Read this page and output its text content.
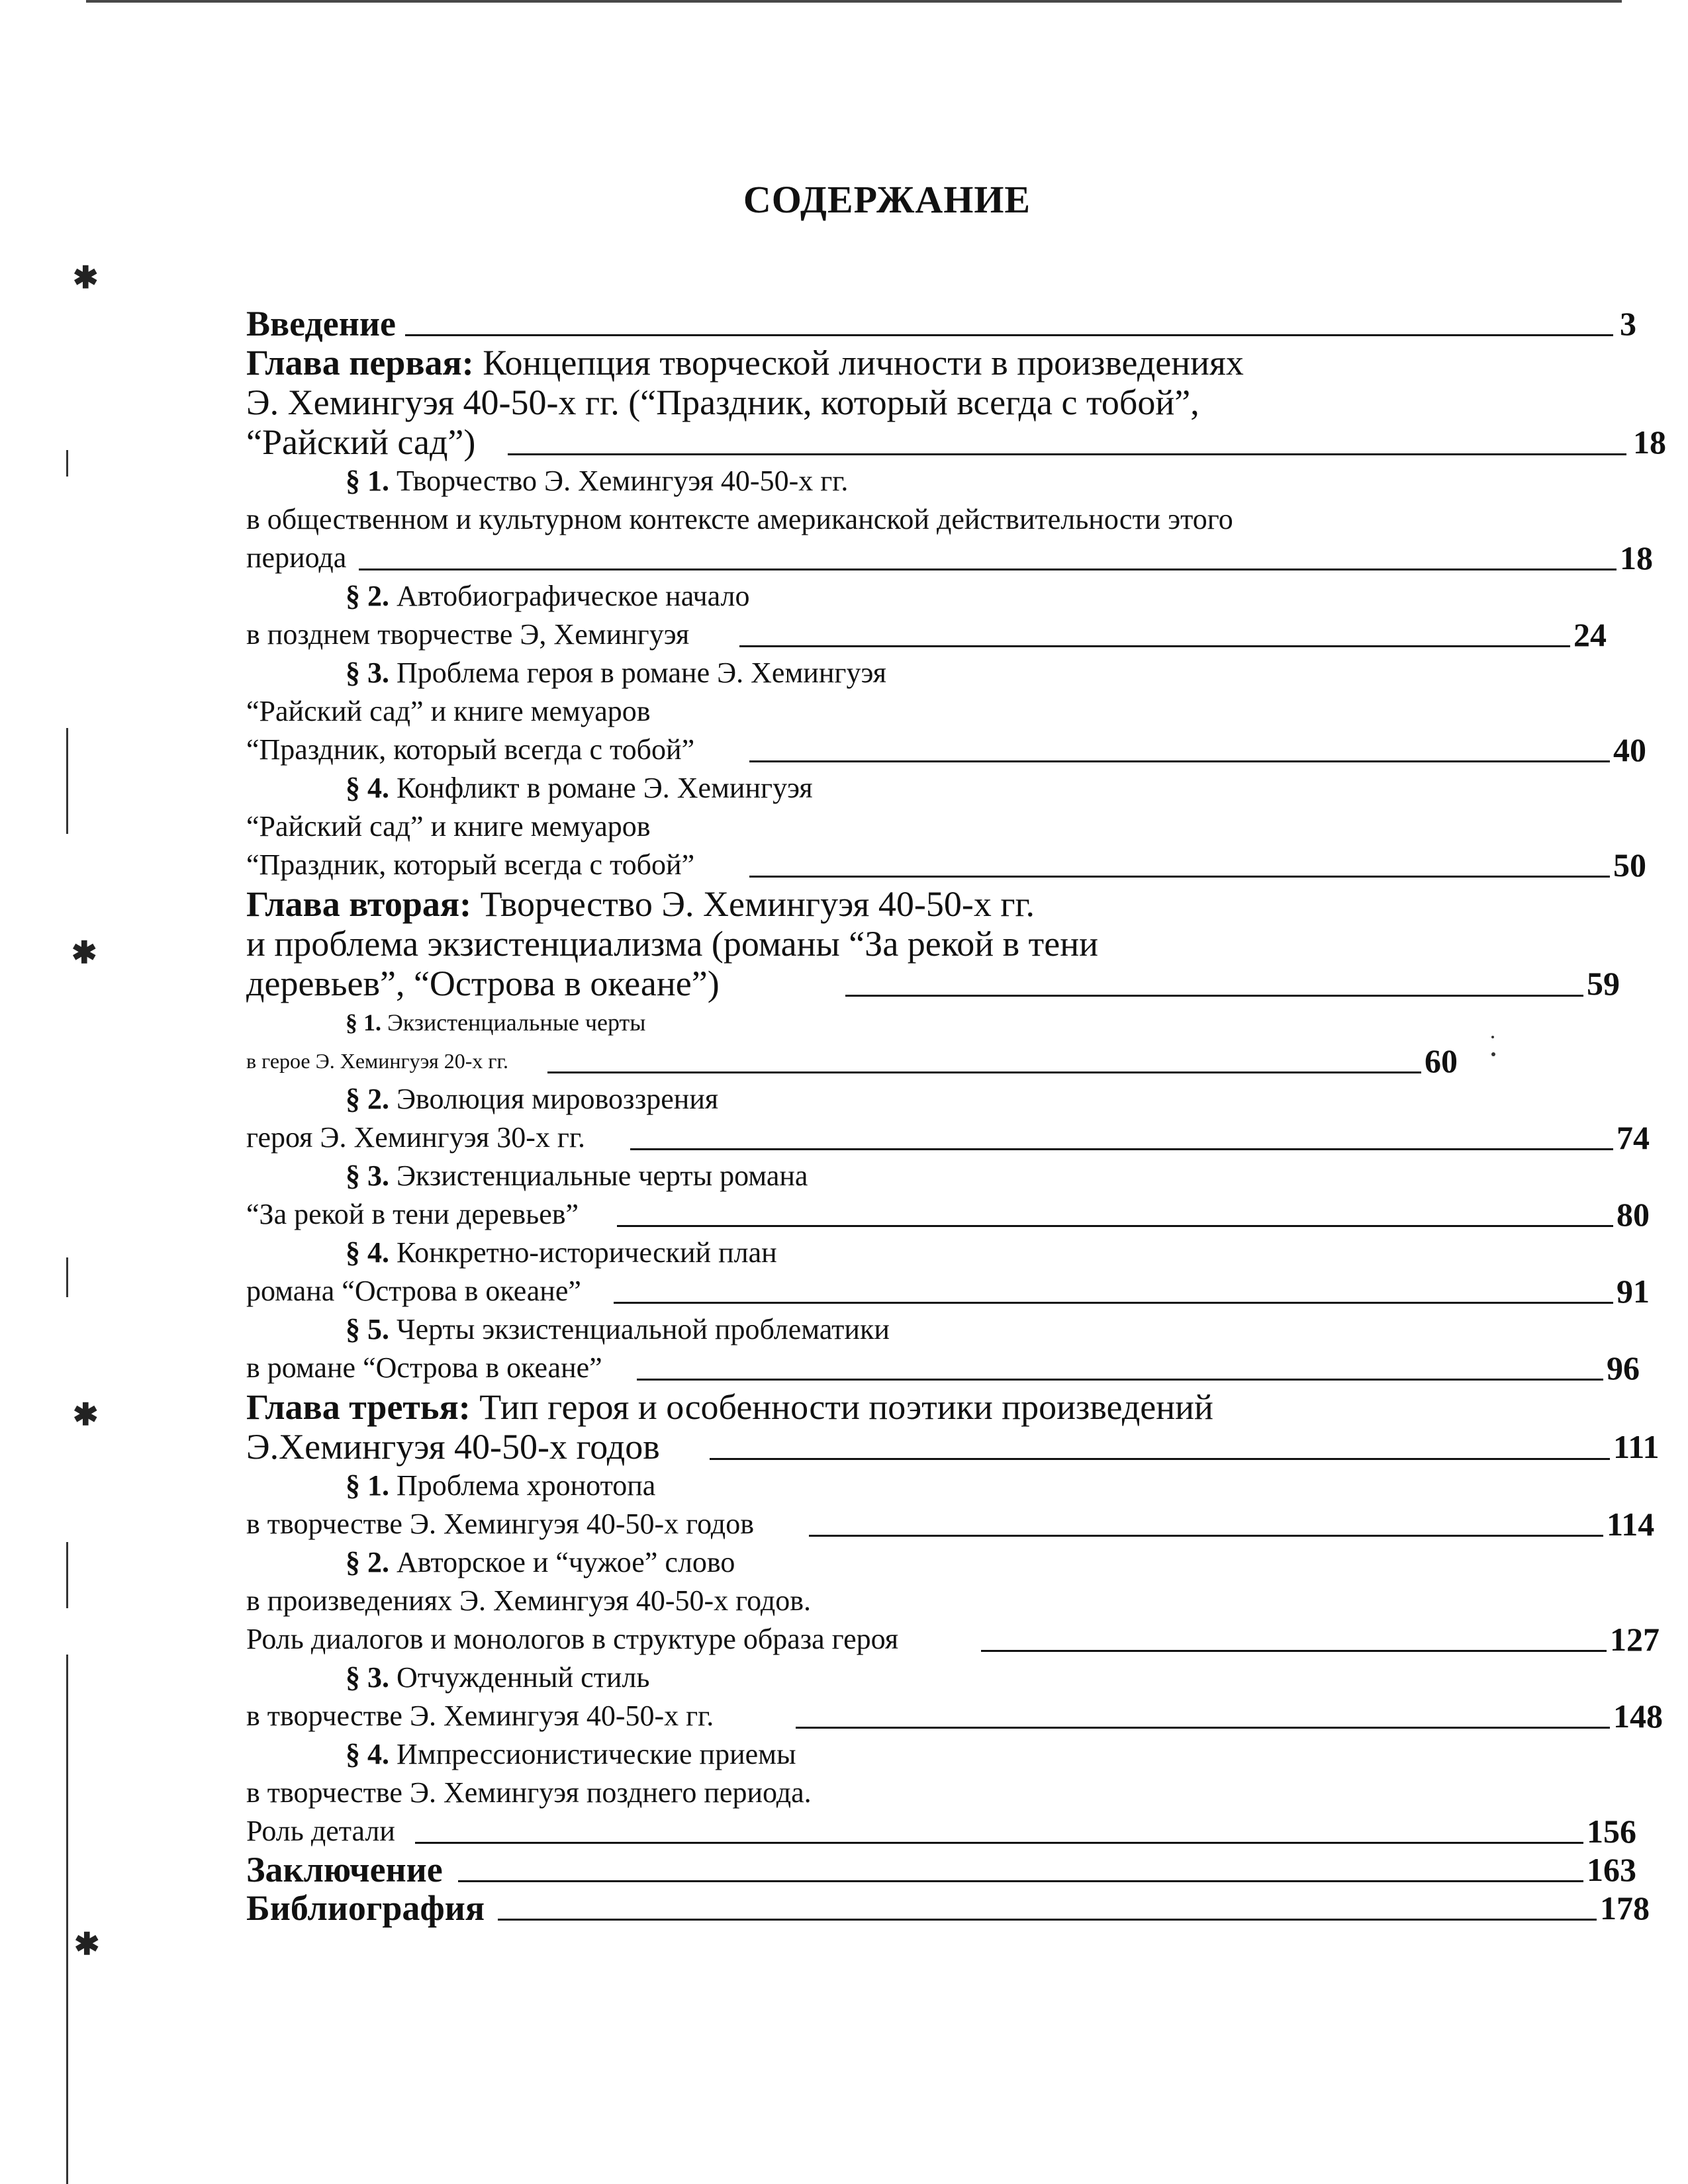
✱
✱
✱
✱
СОДЕРЖАНИЕ
Введение	3
Глава первая: Концепция творческой личности в произведениях
Э. Хемингуэя 40-50-х гг. (“Праздник, который всегда с тобой”,
“Райский сад”)	18
§ 1. Творчество Э. Хемингуэя 40-50-х гг.
в общественном и культурном контексте американской действительности этого
периода	18
§ 2. Автобиографическое начало
в позднем творчестве Э, Хемингуэя	24
§ 3. Проблема героя в романе Э. Хемингуэя
“Райский сад” и книге мемуаров
“Праздник, который всегда с тобой”	40
§ 4. Конфликт в романе Э. Хемингуэя
“Райский сад” и книге мемуаров
“Праздник, который всегда с тобой”	50
Глава вторая: Творчество Э. Хемингуэя 40-50-х гг.
и проблема экзистенциализма (романы “За рекой в тени
деревьев”, “Острова в океане”)	59
§ 1. Экзистенциальные черты
в герое Э. Хемингуэя 20-х гг.	60
§ 2. Эволюция мировоззрения
героя Э. Хемингуэя 30-х гг.	74
§ 3. Экзистенциальные черты романа
“За рекой в тени деревьев”	80
§ 4. Конкретно-исторический план
романа “Острова в океане”	91
§ 5. Черты экзистенциальной проблематики
в романе “Острова в океане”	96
Глава третья: Тип героя и особенности поэтики произведений
Э.Хемингуэя 40-50-х годов	111
§ 1. Проблема хронотопа
в творчестве Э. Хемингуэя 40-50-х годов	114
§ 2. Авторское и “чужое” слово
в произведениях Э. Хемингуэя 40-50-х годов.
Роль диалогов и монологов в структуре образа героя	127
§ 3. Отчужденный стиль
в творчестве Э. Хемингуэя 40-50-х гг.	148
§ 4. Импрессионистические приемы
в творчестве Э. Хемингуэя позднего периода.
Роль детали	156
Заключение	163
Библиография	178
